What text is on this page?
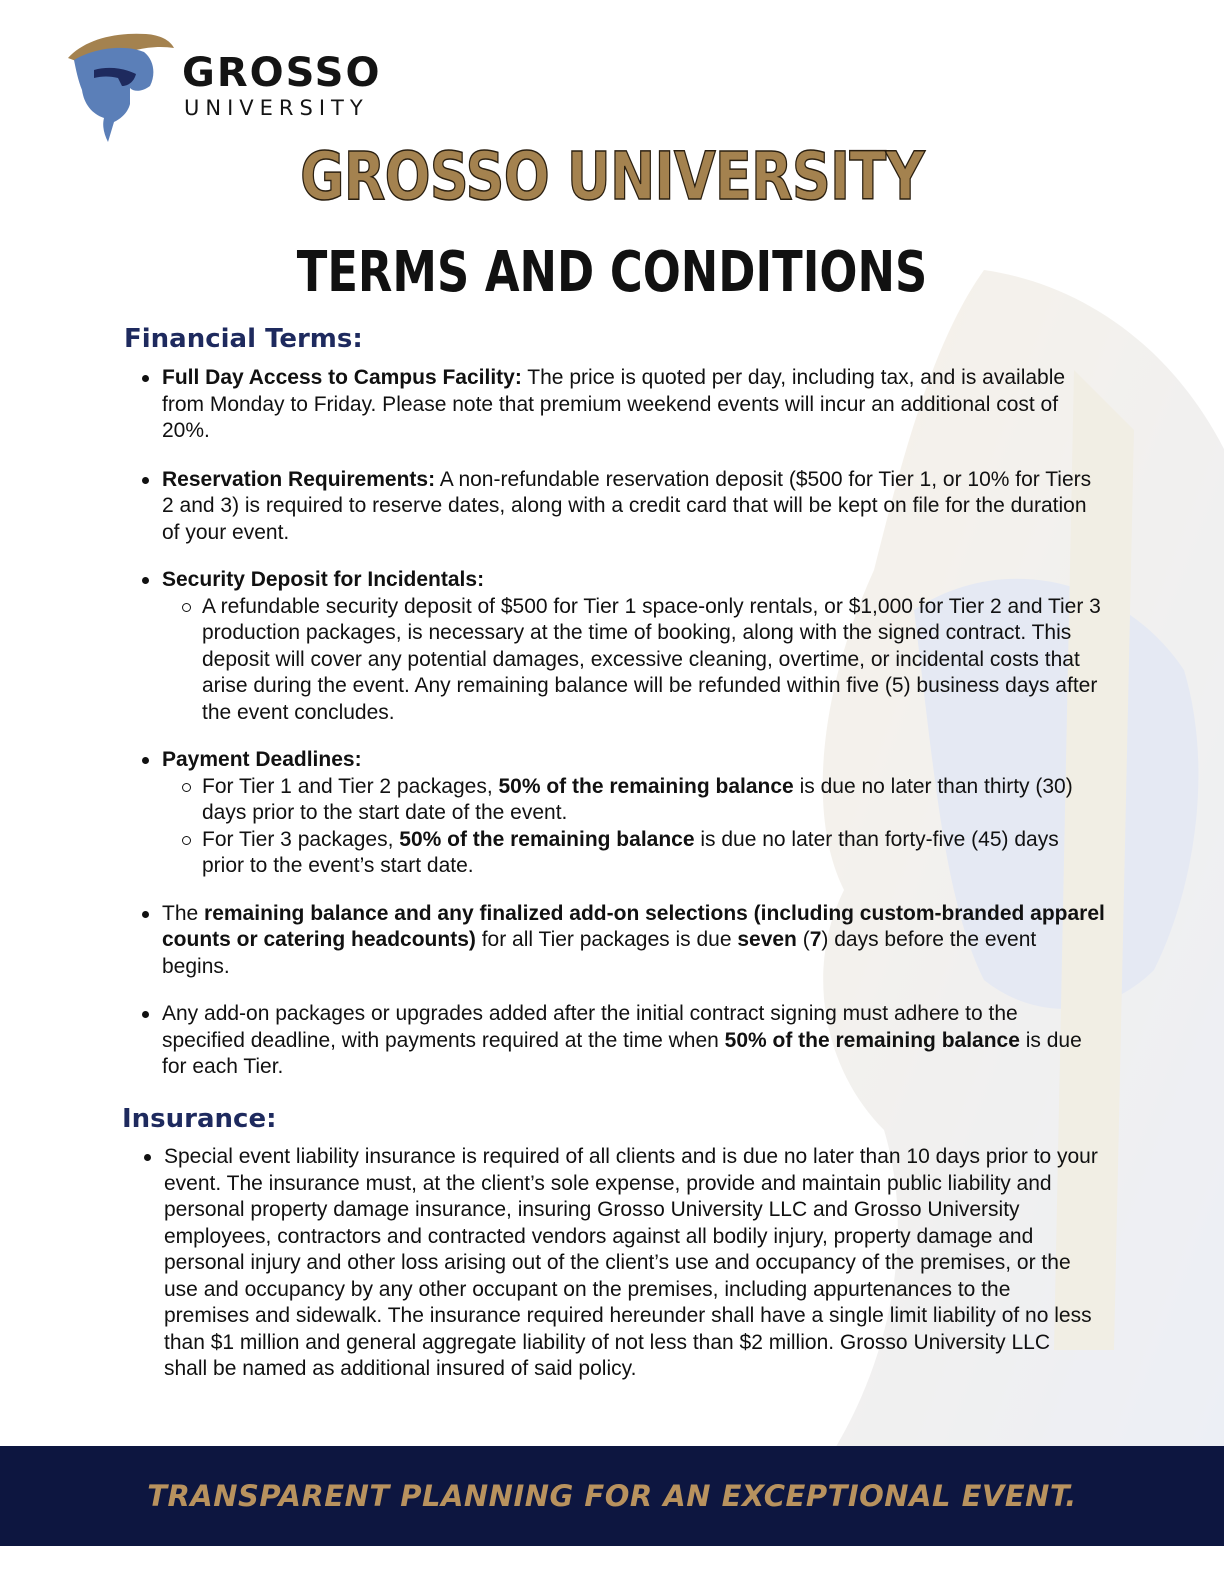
GROSSO
UNIVERSITY
GROSSO UNIVERSITY
TERMS AND CONDITIONS
Financial Terms:
Full Day Access to Campus Facility: The price is quoted per day, including tax, and is available from Monday to Friday. Please note that premium weekend events will incur an additional cost of 20%.
Reservation Requirements: A non-refundable reservation deposit ($500 for Tier 1, or 10% for Tiers 2 and 3) is required to reserve dates, along with a credit card that will be kept on file for the duration of your event.
Security Deposit for Incidentals:
A refundable security deposit of $500 for Tier 1 space-only rentals, or $1,000 for Tier 2 and Tier 3 production packages, is necessary at the time of booking, along with the signed contract. This deposit will cover any potential damages, excessive cleaning, overtime, or incidental costs that arise during the event. Any remaining balance will be refunded within five (5) business days after the event concludes.
Payment Deadlines:
For Tier 1 and Tier 2 packages, 50% of the remaining balance is due no later than thirty (30) days prior to the start date of the event.
For Tier 3 packages, 50% of the remaining balance is due no later than forty-five (45) days prior to the event’s start date.
The remaining balance and any finalized add-on selections (including custom-branded apparel counts or catering headcounts) for all Tier packages is due seven (7) days before the event begins.
Any add-on packages or upgrades added after the initial contract signing must adhere to the specified deadline, with payments required at the time when 50% of the remaining balance is due for each Tier.
Insurance:
Special event liability insurance is required of all clients and is due no later than 10 days prior to your event. The insurance must, at the client’s sole expense, provide and maintain public liability and personal property damage insurance, insuring Grosso University LLC and Grosso University employees, contractors and contracted vendors against all bodily injury, property damage and personal injury and other loss arising out of the client’s use and occupancy of the premises, or the use and occupancy by any other occupant on the premises, including appurtenances to the premises and sidewalk. The insurance required hereunder shall have a single limit liability of no less than $1 million and general aggregate liability of not less than $2 million. Grosso University LLC shall be named as additional insured of said policy.
TRANSPARENT PLANNING FOR AN EXCEPTIONAL EVENT.
